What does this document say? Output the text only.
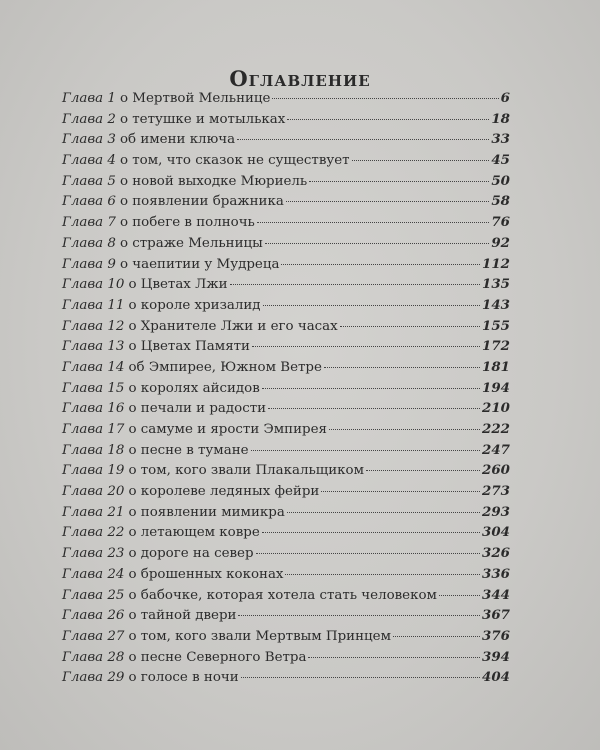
Оглавление
Глава 1 о Мертвой Мельнице	6
Глава 2 о тетушке и мотыльках	18
Глава 3 об имени ключа	33
Глава 4 о том, что сказок не существует	45
Глава 5 о новой выходке Мюриель	50
Глава 6 о появлении бражника	58
Глава 7 о побеге в полночь	76
Глава 8 о страже Мельницы	92
Глава 9 о чаепитии у Мудреца	112
Глава 10 о Цветах Лжи	135
Глава 11 о короле хризалид	143
Глава 12 о Хранителе Лжи и его часах	155
Глава 13 о Цветах Памяти	172
Глава 14 об Эмпирее, Южном Ветре	181
Глава 15 о королях айсидов	194
Глава 16 о печали и радости	210
Глава 17 о самуме и ярости Эмпирея	222
Глава 18 о песне в тумане	247
Глава 19 о том, кого звали Плакальщиком	260
Глава 20 о королеве ледяных фейри	273
Глава 21 о появлении мимикра	293
Глава 22 о летающем ковре	304
Глава 23 о дороге на север	326
Глава 24 о брошенных коконах	336
Глава 25 о бабочке, которая хотела стать человеком	344
Глава 26 о тайной двери	367
Глава 27 о том, кого звали Мертвым Принцем	376
Глава 28 о песне Северного Ветра	394
Глава 29 о голосе в ночи	404
